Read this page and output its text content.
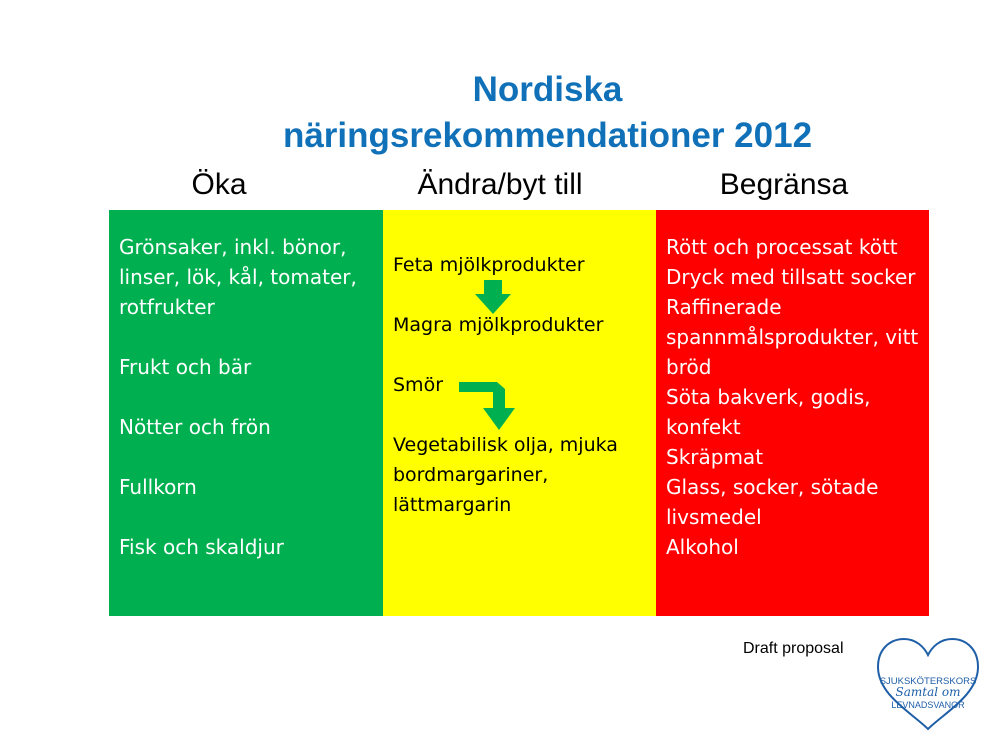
Nordiska
näringsrekommendationer 2012
Öka	Ändra/byt till	Begränsa
Grönsaker, inkl. bönor, linser, lök, kål, tomater, rotfrukter
Frukt och bär
Nötter och frön
Fullkorn
Fisk och skaldjur
Feta mjölkprodukter
Magra mjölkprodukter
Smör
Vegetabilisk olja, mjuka bordmargariner, lättmargarin
Rött och processat kött
Dryck med tillsatt socker
Raffinerade spannmålsprodukter, vitt bröd
Söta bakverk, godis, konfekt
Skräpmat
Glass, socker, sötade livsmedel
Alkohol
Draft proposal
SJUKSKÖTERSKORS
Samtal om
LEVNADSVANOR
